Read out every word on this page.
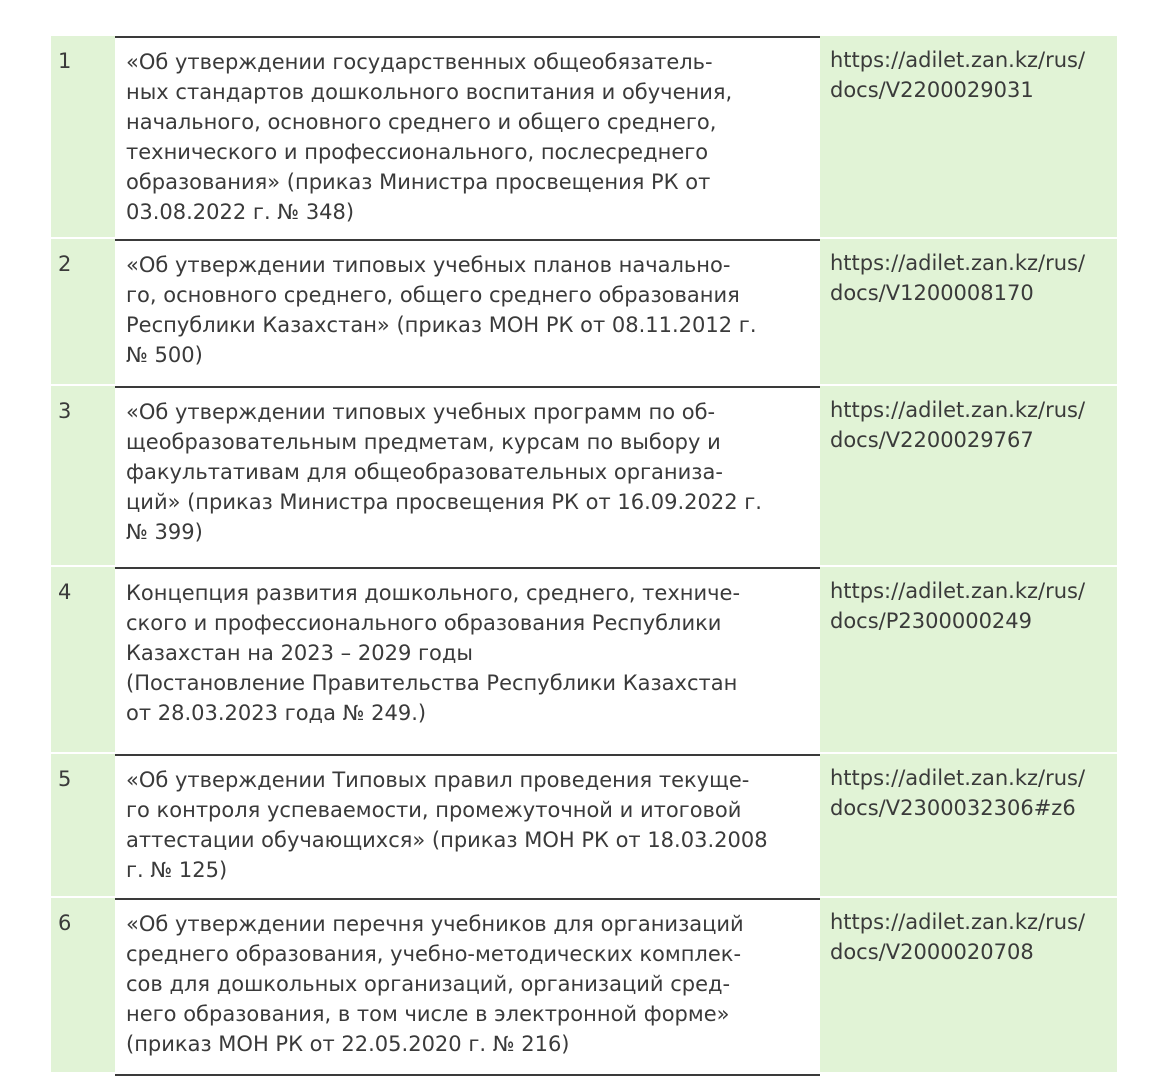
1	«Об утверждении государственных общеобязатель-
ных стандартов дошкольного воспитания и обучения,
начального, основного среднего и общего среднего,
технического и профессионального, послесреднего
образования» (приказ Министра просвещения РК от
03.08.2022 г. № 348)
https://adilet.zan.kz/rus/
docs/V2200029031
2	«Об утверждении типовых учебных планов начально-
го, основного среднего, общего среднего образования
Республики Казахстан» (приказ МОН РК от 08.11.2012 г.
№ 500)
https://adilet.zan.kz/rus/
docs/V1200008170
3	«Об утверждении типовых учебных программ по об-
щеобразовательным предметам, курсам по выбору и
факультативам для общеобразовательных организа-
ций» (приказ Министра просвещения РК от 16.09.2022 г.
№ 399)
https://adilet.zan.kz/rus/
docs/V2200029767
4	Концепция развития дошкольного, среднего, техниче-
ского и профессионального образования Республики
Казахстан на 2023 – 2029 годы
(Постановление Правительства Республики Казахстан
от 28.03.2023 года № 249.)
https://adilet.zan.kz/rus/
docs/P2300000249
5	«Об утверждении Типовых правил проведения текуще-
го контроля успеваемости, промежуточной и итоговой
аттестации обучающихся» (приказ МОН РК от 18.03.2008
г. № 125)
https://adilet.zan.kz/rus/
docs/V2300032306#z6
6	«Об утверждении перечня учебников для организаций
среднего образования, учебно-методических комплек-
сов для дошкольных организаций, организаций сред-
него образования, в том числе в электронной форме»
(приказ МОН РК от 22.05.2020 г. № 216)
https://adilet.zan.kz/rus/
docs/V2000020708
